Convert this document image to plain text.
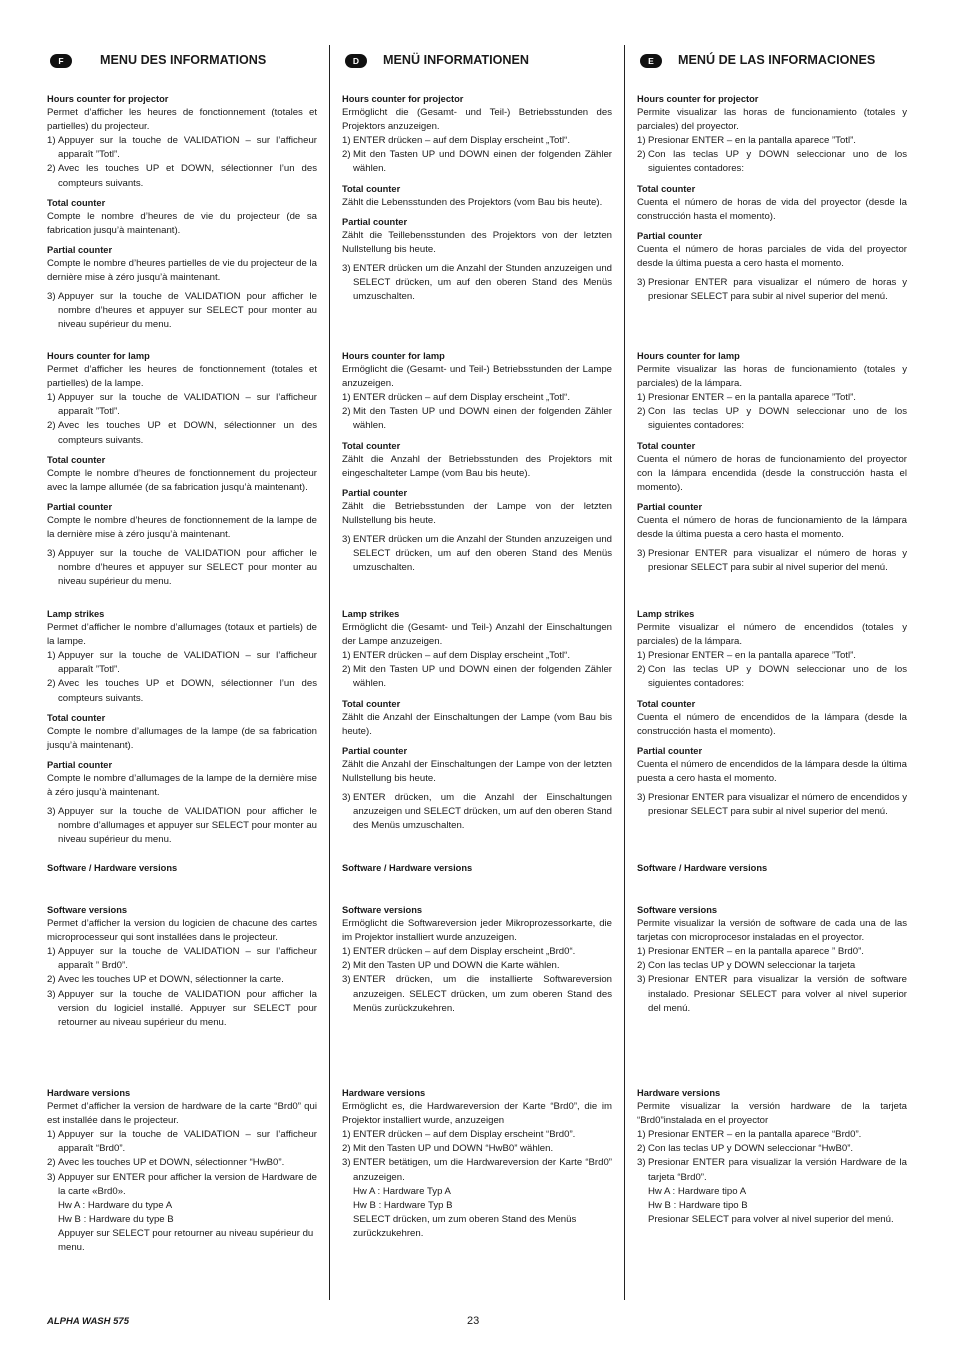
F	MENU DES INFORMATIONS
Hours counter for projector

Permet d’afficher les heures de fonctionnement (totales et partielles) du projecteur.

1) Appuyer sur la touche de VALIDATION – sur l’afficheur apparaît ”Totl”.
2) Avec les touches UP et DOWN, sélectionner l’un des compteurs suivants.
Total counter

Compte le nombre d’heures de vie du projecteur (de sa fabrication jusqu’à maintenant).

Partial counter

Compte le nombre d’heures partielles de vie du projecteur de la dernière mise à zéro jusqu’à maintenant.

3) Appuyer sur la touche de VALIDATION pour afficher le nombre d’heures et appuyer sur SELECT pour monter au niveau supérieur du menu.
Hours counter for lamp

Permet d’afficher les heures de fonctionnement (totales et partielles) de la lampe.

1) Appuyer sur la touche de VALIDATION – sur l’afficheur apparaît ”Totl”.
2) Avec les touches UP et DOWN, sélectionner un des compteurs suivants.
Total counter

Compte le nombre d’heures de fonctionnement du projecteur avec la lampe allumée (de sa fabrication jusqu’à maintenant).

Partial counter

Compte le nombre d’heures de fonctionnement de la lampe de la dernière mise à zéro jusqu’à maintenant.

3) Appuyer sur la touche de VALIDATION pour afficher le nombre d’heures et appuyer sur SELECT pour monter au niveau supérieur du menu.
Lamp strikes

Permet d’afficher le nombre d’allumages (totaux et partiels) de la lampe.

1) Appuyer sur la touche de VALIDATION – sur l’afficheur apparaît ”Totl”.
2) Avec les touches UP et DOWN, sélectionner l’un des compteurs suivants.
Total counter

Compte le nombre d’allumages de la lampe (de sa fabrication jusqu’à maintenant).

Partial counter

Compte le nombre d’allumages de la lampe de la dernière mise à zéro jusqu’à maintenant.

3) Appuyer sur la touche de VALIDATION pour afficher le nombre d’allumages et appuyer sur SELECT pour monter au niveau supérieur du menu.
Software / Hardware versions
Software versions

Permet d’afficher la version du logicien de chacune des cartes microprocesseur qui sont installées dans le projecteur.

1) Appuyer sur la touche de VALIDATION – sur l’afficheur apparaît ” Brd0”.
2) Avec les touches UP et DOWN, sélectionner la carte.
3) Appuyer sur la touche de VALIDATION pour afficher la version du logiciel installé. Appuyer sur SELECT pour retourner au niveau supérieur du menu.
Hardware versions

Permet d’afficher la version de hardware de la carte “Brd0” qui est installée dans le projecteur.

1) Appuyer sur la touche de VALIDATION – sur l’afficheur apparaît “Brd0”.
2) Avec les touches UP et DOWN, sélectionner “HwB0”.
3) Appuyer sur ENTER pour afficher la version de Hardware de la carte «Brd0».
Hw A : Hardware du type A
Hw B : Hardware du type B
Appuyer sur SELECT pour retourner au niveau supérieur du menu.
D	MENÜ INFORMATIONEN
Hours counter for projector

Ermöglicht die (Gesamt- und Teil-) Betriebsstunden des Projektors anzuzeigen.

1) ENTER drücken – auf dem Display erscheint „Totl“.
2) Mit den Tasten UP und DOWN einen der folgenden Zähler wählen.
Total counter

Zählt die Lebensstunden des Projektors (vom Bau bis heute).

Partial counter

Zählt die Teillebensstunden des Projektors von der letzten Nullstellung bis heute.

3) ENTER drücken um die Anzahl der Stunden anzuzeigen und SELECT drücken, um auf den oberen Stand des Menüs umzuschalten.
Hours counter for lamp

Ermöglicht die (Gesamt- und Teil-) Betriebsstunden der Lampe anzuzeigen.

1) ENTER drücken – auf dem Display erscheint „Totl“.
2) Mit den Tasten UP und DOWN einen der folgenden Zähler wählen.
Total counter

Zählt die Anzahl der Betriebsstunden des Projektors mit eingeschalteter Lampe (vom Bau bis heute).

Partial counter

Zählt die Betriebsstunden der Lampe von der letzten Nullstellung bis heute.

3) ENTER drücken um die Anzahl der Stunden anzuzeigen und SELECT drücken, um auf den oberen Stand des Menüs umzuschalten.
Lamp strikes

Ermöglicht die (Gesamt- und Teil-) Anzahl der Einschaltungen der Lampe anzuzeigen.

1) ENTER drücken – auf dem Display erscheint „Totl“.
2) Mit den Tasten UP und DOWN einen der folgenden Zähler wählen.
Total counter

Zählt die Anzahl der Einschaltungen der Lampe (vom Bau bis heute).

Partial counter

Zählt die Anzahl der Einschaltungen der Lampe von der letzten Nullstellung bis heute.

3) ENTER drücken, um die Anzahl der Einschaltungen anzuzeigen und SELECT drücken, um auf den oberen Stand des Menüs umzuschalten.
Software / Hardware versions
Software versions

Ermöglicht die Softwareversion jeder Mikroprozessorkarte, die im Projektor installiert wurde anzuzeigen.

1) ENTER drücken – auf dem Display erscheint „Brd0“.
2) Mit den Tasten UP und DOWN die Karte wählen.
3) ENTER drücken, um die installierte Softwareversion anzuzeigen. SELECT drücken, um zum oberen Stand des Menüs zurückzukehren.
Hardware versions

Ermöglicht es, die Hardwareversion der Karte “Brd0”, die im Projektor installiert wurde, anzuzeigen

1) ENTER drücken – auf dem Display erscheint “Brd0”.
2) Mit den Tasten UP und DOWN “HwB0” wählen.
3) ENTER betätigen, um die Hardwareversion der Karte “Brd0” anzuzeigen.
Hw A : Hardware Typ A
Hw B : Hardware Typ B
SELECT drücken, um zum oberen Stand des Menüs zurückzukehren.
E	MENÚ DE LAS INFORMACIONES
Hours counter for projector

Permite visualizar las horas de funcionamiento (totales y parciales) del proyector.

1) Presionar ENTER – en la pantalla aparece ”Totl”.
2) Con las teclas UP y DOWN seleccionar uno de los siguientes contadores:
Total counter

Cuenta el número de horas de vida del proyector (desde la construcción hasta el momento).

Partial counter

Cuenta el número de horas parciales de vida del proyector desde la última puesta a cero hasta el momento.

3) Presionar ENTER para visualizar el número de horas y presionar SELECT para subir al nivel superior del menú.
Hours counter for lamp

Permite visualizar las horas de funcionamiento (totales y parciales) de la lámpara.

1) Presionar ENTER – en la pantalla aparece ”Totl”.
2) Con las teclas UP y DOWN seleccionar uno de los siguientes contadores:
Total counter

Cuenta el número de horas de funcionamiento del proyector con la lámpara encendida (desde la construcción hasta el momento).

Partial counter

Cuenta el número de horas de funcionamiento de la lámpara desde la última puesta a cero hasta el momento.

3) Presionar ENTER para visualizar el número de horas y presionar SELECT para subir al nivel superior del menú.
Lamp strikes

Permite visualizar el número de encendidos (totales y parciales) de la lámpara.

1) Presionar ENTER – en la pantalla aparece ”Totl”.
2) Con las teclas UP y DOWN seleccionar uno de los siguientes contadores:
Total counter

Cuenta el número de encendidos de la lámpara (desde la construcción hasta el momento).

Partial counter

Cuenta el número de encendidos de la lámpara desde la última puesta a cero hasta el momento.

3) Presionar ENTER para visualizar el número de encendidos y presionar SELECT para subir al nivel superior del menú.
Software / Hardware versions
Software versions

Permite visualizar la versión de software de cada una de las tarjetas con microprocesor instaladas en el proyector.

1) Presionar ENTER – en la pantalla aparece ” Brd0”.
2) Con las teclas UP y DOWN seleccionar la tarjeta
3) Presionar ENTER para visualizar la versión de software instalado. Presionar SELECT para volver al nivel superior del menú.
Hardware versions

Permite visualizar la versión hardware de la tarjeta “Brd0”instalada en el proyector

1) Presionar ENTER – en la pantalla aparece “Brd0”.
2) Con las teclas UP y DOWN seleccionar “HwB0”.
3) Presionar ENTER para visualizar la versión Hardware de la tarjeta “Brd0”.
Hw A : Hardware tipo A
Hw B : Hardware tipo B
Presionar SELECT para volver al nivel superior del menú.
ALPHA WASH 575	23
